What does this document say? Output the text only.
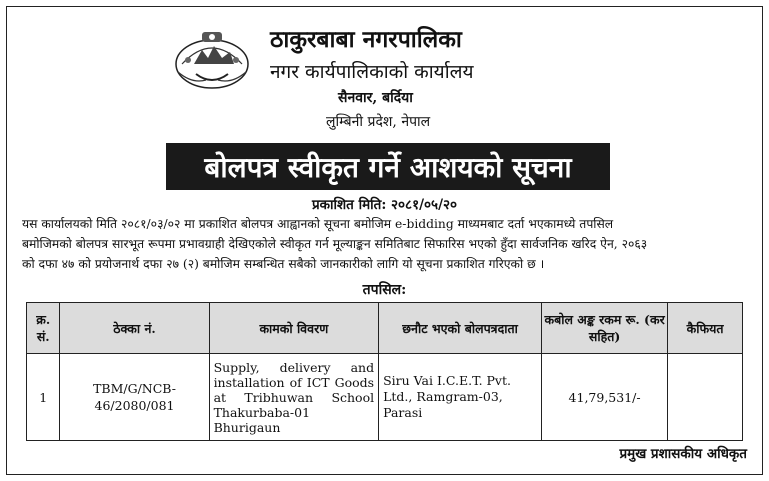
ठाकुरबाबा नगरपालिका
नगर कार्यपालिकाको कार्यालय
सैनवार, बर्दिया
लुम्बिनी प्रदेश, नेपाल
बोलपत्र स्वीकृत गर्ने आशयको सूचना
प्रकाशित मिति: २०८१/०५/२०
यस कार्यालयको मिति २०८१/०३/०२ मा प्रकाशित बोलपत्र आह्वानको सूचना बमोजिम e-bidding माध्यमबाट दर्ता भएकामध्ये तपसिल
बमोजिमको बोलपत्र सारभूत रूपमा प्रभावग्राही देखिएकोले स्वीकृत गर्न मूल्याङ्कन समितिबाट सिफारिस भएको हुँदा सार्वजनिक खरिद ऐन, २०६३
को दफा ४७ को प्रयोजनार्थ दफा २७ (२) बमोजिम सम्बन्धित सबैको जानकारीको लागि यो सूचना प्रकाशित गरिएको छ ।
तपसिल:
क्र. सं.	ठेक्का नं.	कामको विवरण	छनौट भएको बोलपत्रदाता	कबोल अङ्क रकम रू. (कर सहित)	कैफियत
1	TBM/G/NCB-46/2080/081	Supply, delivery and installation of ICT Goods at Tribhuwan School Thakurbaba-01 Bhurigaun	Siru Vai I.C.E.T. Pvt. Ltd., Ramgram-03, Parasi	41,79,531/-	
प्रमुख प्रशासकीय अधिकृत
